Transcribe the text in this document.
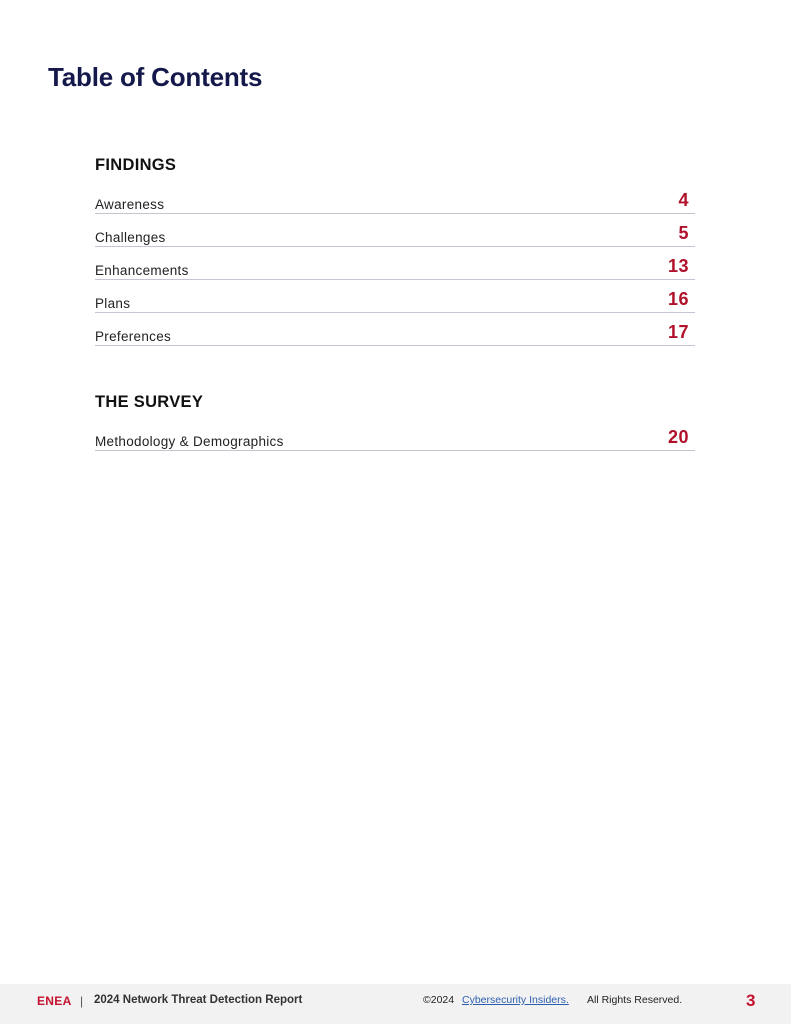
Table of Contents
FINDINGS
Awareness	4
Challenges	5
Enhancements	13
Plans	16
Preferences	17
THE SURVEY
Methodology & Demographics	20
ENEA | 2024 Network Threat Detection Report	©2024 Cybersecurity Insiders. All Rights Reserved.	3
